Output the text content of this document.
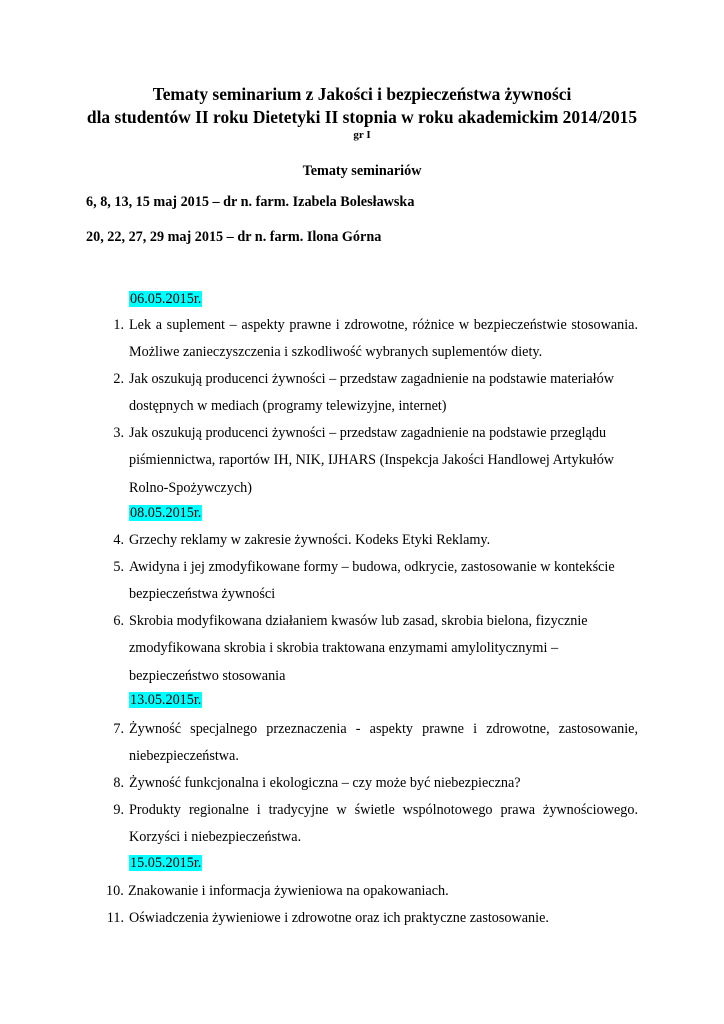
Tematy seminarium z Jakości i bezpieczeństwa żywności
dla studentów II roku Dietetyki II stopnia w roku akademickim 2014/2015
gr I
Tematy seminariów
6, 8, 13, 15 maj 2015 – dr n. farm. Izabela Bolesławska
20, 22, 27, 29 maj 2015 – dr n. farm. Ilona Górna
06.05.2015r.
1. Lek a suplement – aspekty prawne i zdrowotne, różnice w bezpieczeństwie stosowania. Możliwe zanieczyszczenia i szkodliwość wybranych suplementów diety.
2. Jak oszukują producenci żywności – przedstaw zagadnienie na podstawie materiałów dostępnych w mediach (programy telewizyjne, internet)
3. Jak oszukują producenci żywności – przedstaw zagadnienie na podstawie przeglądu piśmiennictwa, raportów IH, NIK, IJHARS (Inspekcja Jakości Handlowej Artykułów Rolno-Spożywczych)
08.05.2015r.
4. Grzechy reklamy w zakresie żywności. Kodeks Etyki Reklamy.
5. Awidyna i jej zmodyfikowane formy – budowa, odkrycie, zastosowanie w kontekście bezpieczeństwa żywności
6. Skrobia modyfikowana działaniem kwasów lub zasad, skrobia bielona, fizycznie zmodyfikowana skrobia i skrobia traktowana enzymami amylolitycznymi – bezpieczeństwo stosowania
13.05.2015r.
7. Żywność specjalnego przeznaczenia - aspekty prawne i zdrowotne, zastosowanie, niebezpieczeństwa.
8. Żywność funkcjonalna i ekologiczna – czy może być niebezpieczna?
9. Produkty regionalne i tradycyjne w świetle wspólnotowego prawa żywnościowego. Korzyści i niebezpieczeństwa.
15.05.2015r.
10. Znakowanie i informacja żywieniowa na opakowaniach.
11. Oświadczenia żywieniowe i zdrowotne oraz ich praktyczne zastosowanie.
